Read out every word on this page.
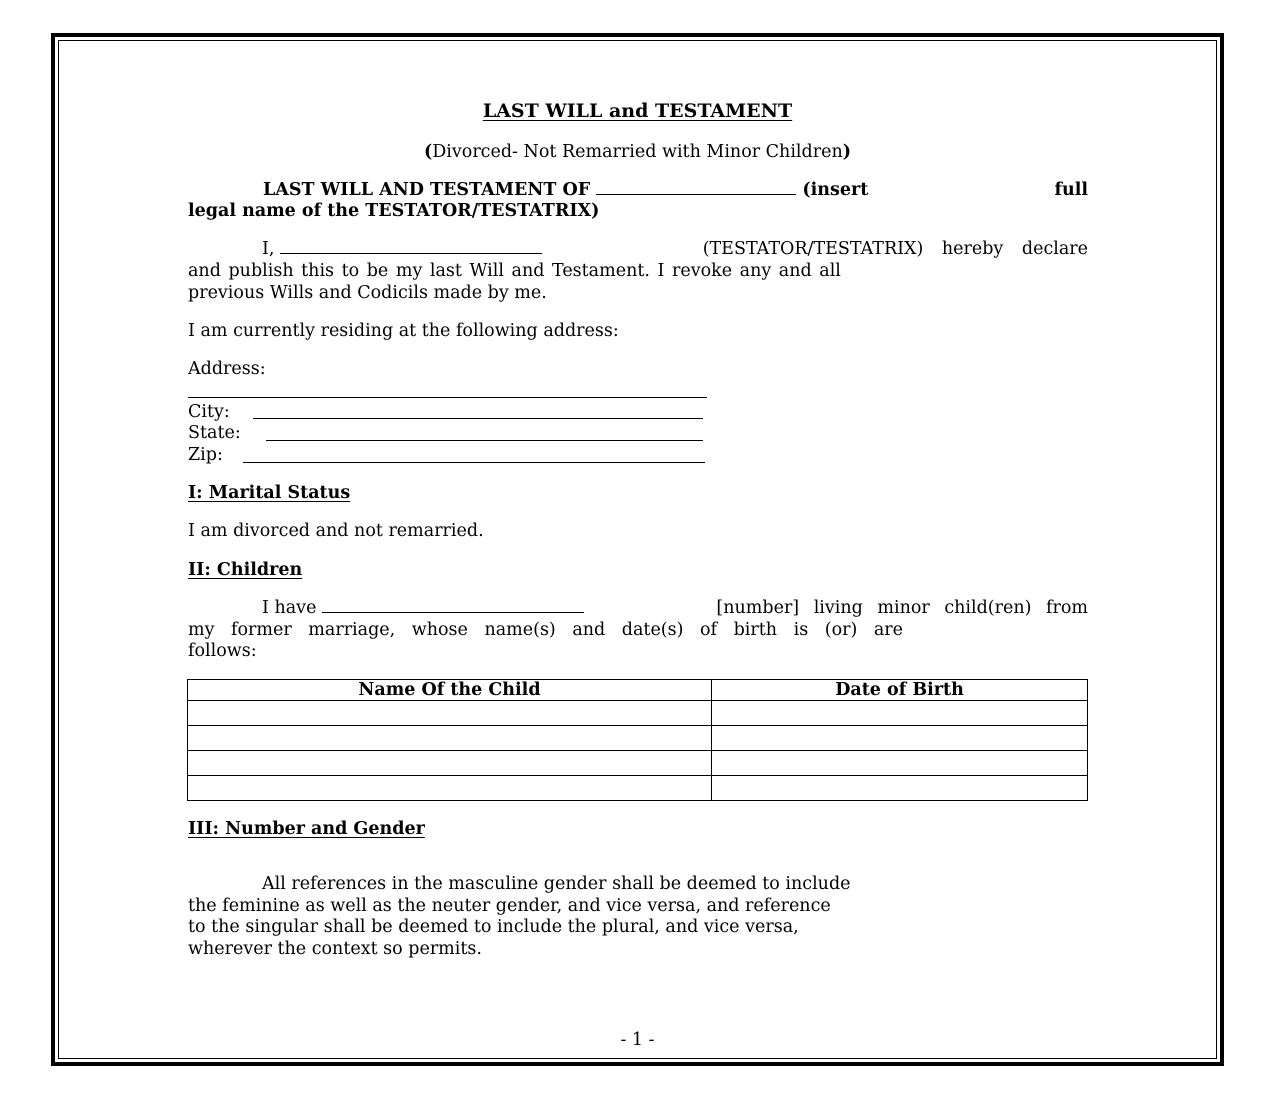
LAST WILL and TESTAMENT
(Divorced- Not Remarried with Minor Children)
LAST WILL AND TESTAMENT OF	(insert	full
legal name of the TESTATOR/TESTATRIX)
I,	(TESTATOR/TESTATRIX) hereby declare
and publish this to be my last Will and Testament. I revoke any and all
previous Wills and Codicils made by me.
I am currently residing at the following address:
Address:
City:
State:
Zip:
I: Marital Status
I am divorced and not remarried.
II: Children
I have	[number] living minor child(ren) from
my former marriage, whose name(s) and date(s) of birth is (or) are
follows:
Name Of the Child	Date of Birth

III: Number and Gender
All references in the masculine gender shall be deemed to include
the feminine as well as the neuter gender, and vice versa, and reference
to the singular shall be deemed to include the plural, and vice versa,
wherever the context so permits.
- 1 -
